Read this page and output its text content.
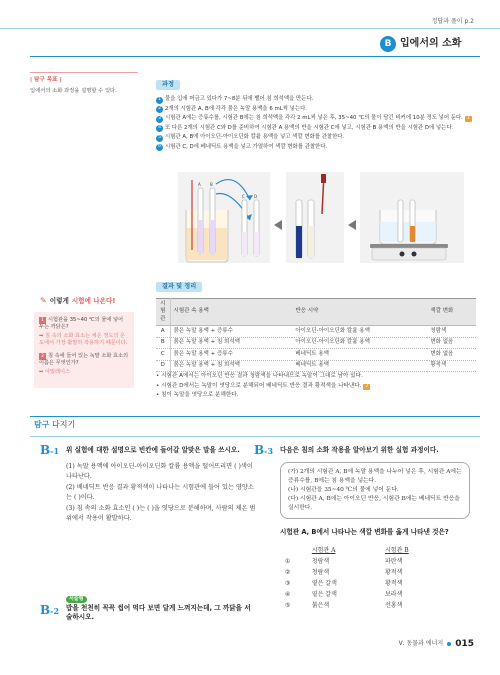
정답과 풀이 p.2
B 입에서의 소화
| 탐구 목표 |
입에서의 소화 과정을 설명할 수 있다.
과정
1 물을 입에 머금고 있다가 7~8분 뒤에 뱉어 침 희석액을 만든다.
2 2개의 시험관 A, B에 각각 묽은 녹말 용액을 6 mL씩 넣는다.
3 시험관 A에는 증류수를, 시험관 B에는 침 희석액을 각각 2 mL씩 넣은 후, 35~40 ℃의 물이 담긴 비커에 10분 정도 넣어 둔다. 1
4 또 다른 2개의 시험관 C와 D를 준비하여 시험관 A 용액의 반을 시험관 C에 넣고, 시험관 B 용액의 반을 시험관 D에 넣는다.
5 시험관 A, B에 아이오딘-아이오딘화 칼륨 용액을 넣고 색깔 변화를 관찰한다.
6 시험관 C, D에 베네딕트 용액을 넣고 가열하여 색깔 변화를 관찰한다.
A B
C D
✎ 이렇게 시험에 나온다!
1 시험관을 35~40 ℃의 물에 넣어 두는 까닭은?
➡ 침 속의 소화 효소는 체온 정도의 온도에서 가장 활발히 작용하기 때문이다.
2 침 속에 들어 있는 녹말 소화 효소의 이름은 무엇인가?
➡ 아밀레이스
결과 및 정리
시험관	시험관 속 용액	반응 시약	색깔 변화
A	묽은 녹말 용액 + 증류수	아이오딘-아이오딘화 칼륨 용액	청람색
B	묽은 녹말 용액 + 침 희석액	아이오딘-아이오딘화 칼륨 용액	변화 없음
C	묽은 녹말 용액 + 증류수	베네딕트 용액	변화 없음
D	묽은 녹말 용액 + 침 희석액	베네딕트 용액	황적색
• 시험관 A에서는 아이오딘 반응 결과 청람색을 나타내므로 녹말이 그대로 남아 있다.
• 시험관 D에서는 녹말이 엿당으로 분해되어 베네딕트 반응 결과 황적색을 나타낸다. 2
• 침이 녹말을 엿당으로 분해한다.
탐구 다지기
B-1 위 실험에 대한 설명으로 빈칸에 들어갈 알맞은 말을 쓰시오.
(1) 녹말 용액에 아이오딘-아이오딘화 칼륨 용액을 떨어뜨리면 ( )색이 나타난다.
(2) 베네딕트 반응 결과 황적색이 나타나는 시험관에 들어 있는 영양소는 ( )이다.
(3) 침 속의 소화 효소인 ( )는 ( )을 엿당으로 분해하며, 사람의 체온 범위에서 작용이 활발하다.
서술형
B-2 밥을 천천히 꼭꼭 씹어 먹다 보면 달게 느껴지는데, 그 까닭을 서술하시오.
B-3 다음은 침의 소화 작용을 알아보기 위한 실험 과정이다.
(가) 2개의 시험관 A, B에 녹말 용액을 나누어 넣은 후, 시험관 A에는 증류수를, B에는 침 용액을 넣는다.
(나) 시험관을 35~40 ℃의 물에 넣어 둔다.
(다) 시험관 A, B에는 아이오딘 반응, 시험관 B에는 베네딕트 반응을 실시한다.
시험관 A, B에서 나타나는 색깔 변화를 옳게 나타낸 것은?
	시험관 A	시험관 B
①	청람색	파란색
②	청람색	황적색
③	옅은 갈색	황적색
④	옅은 갈색	보라색
⑤	붉은색	선홍색
Ⅴ. 동물과 에너지 015
